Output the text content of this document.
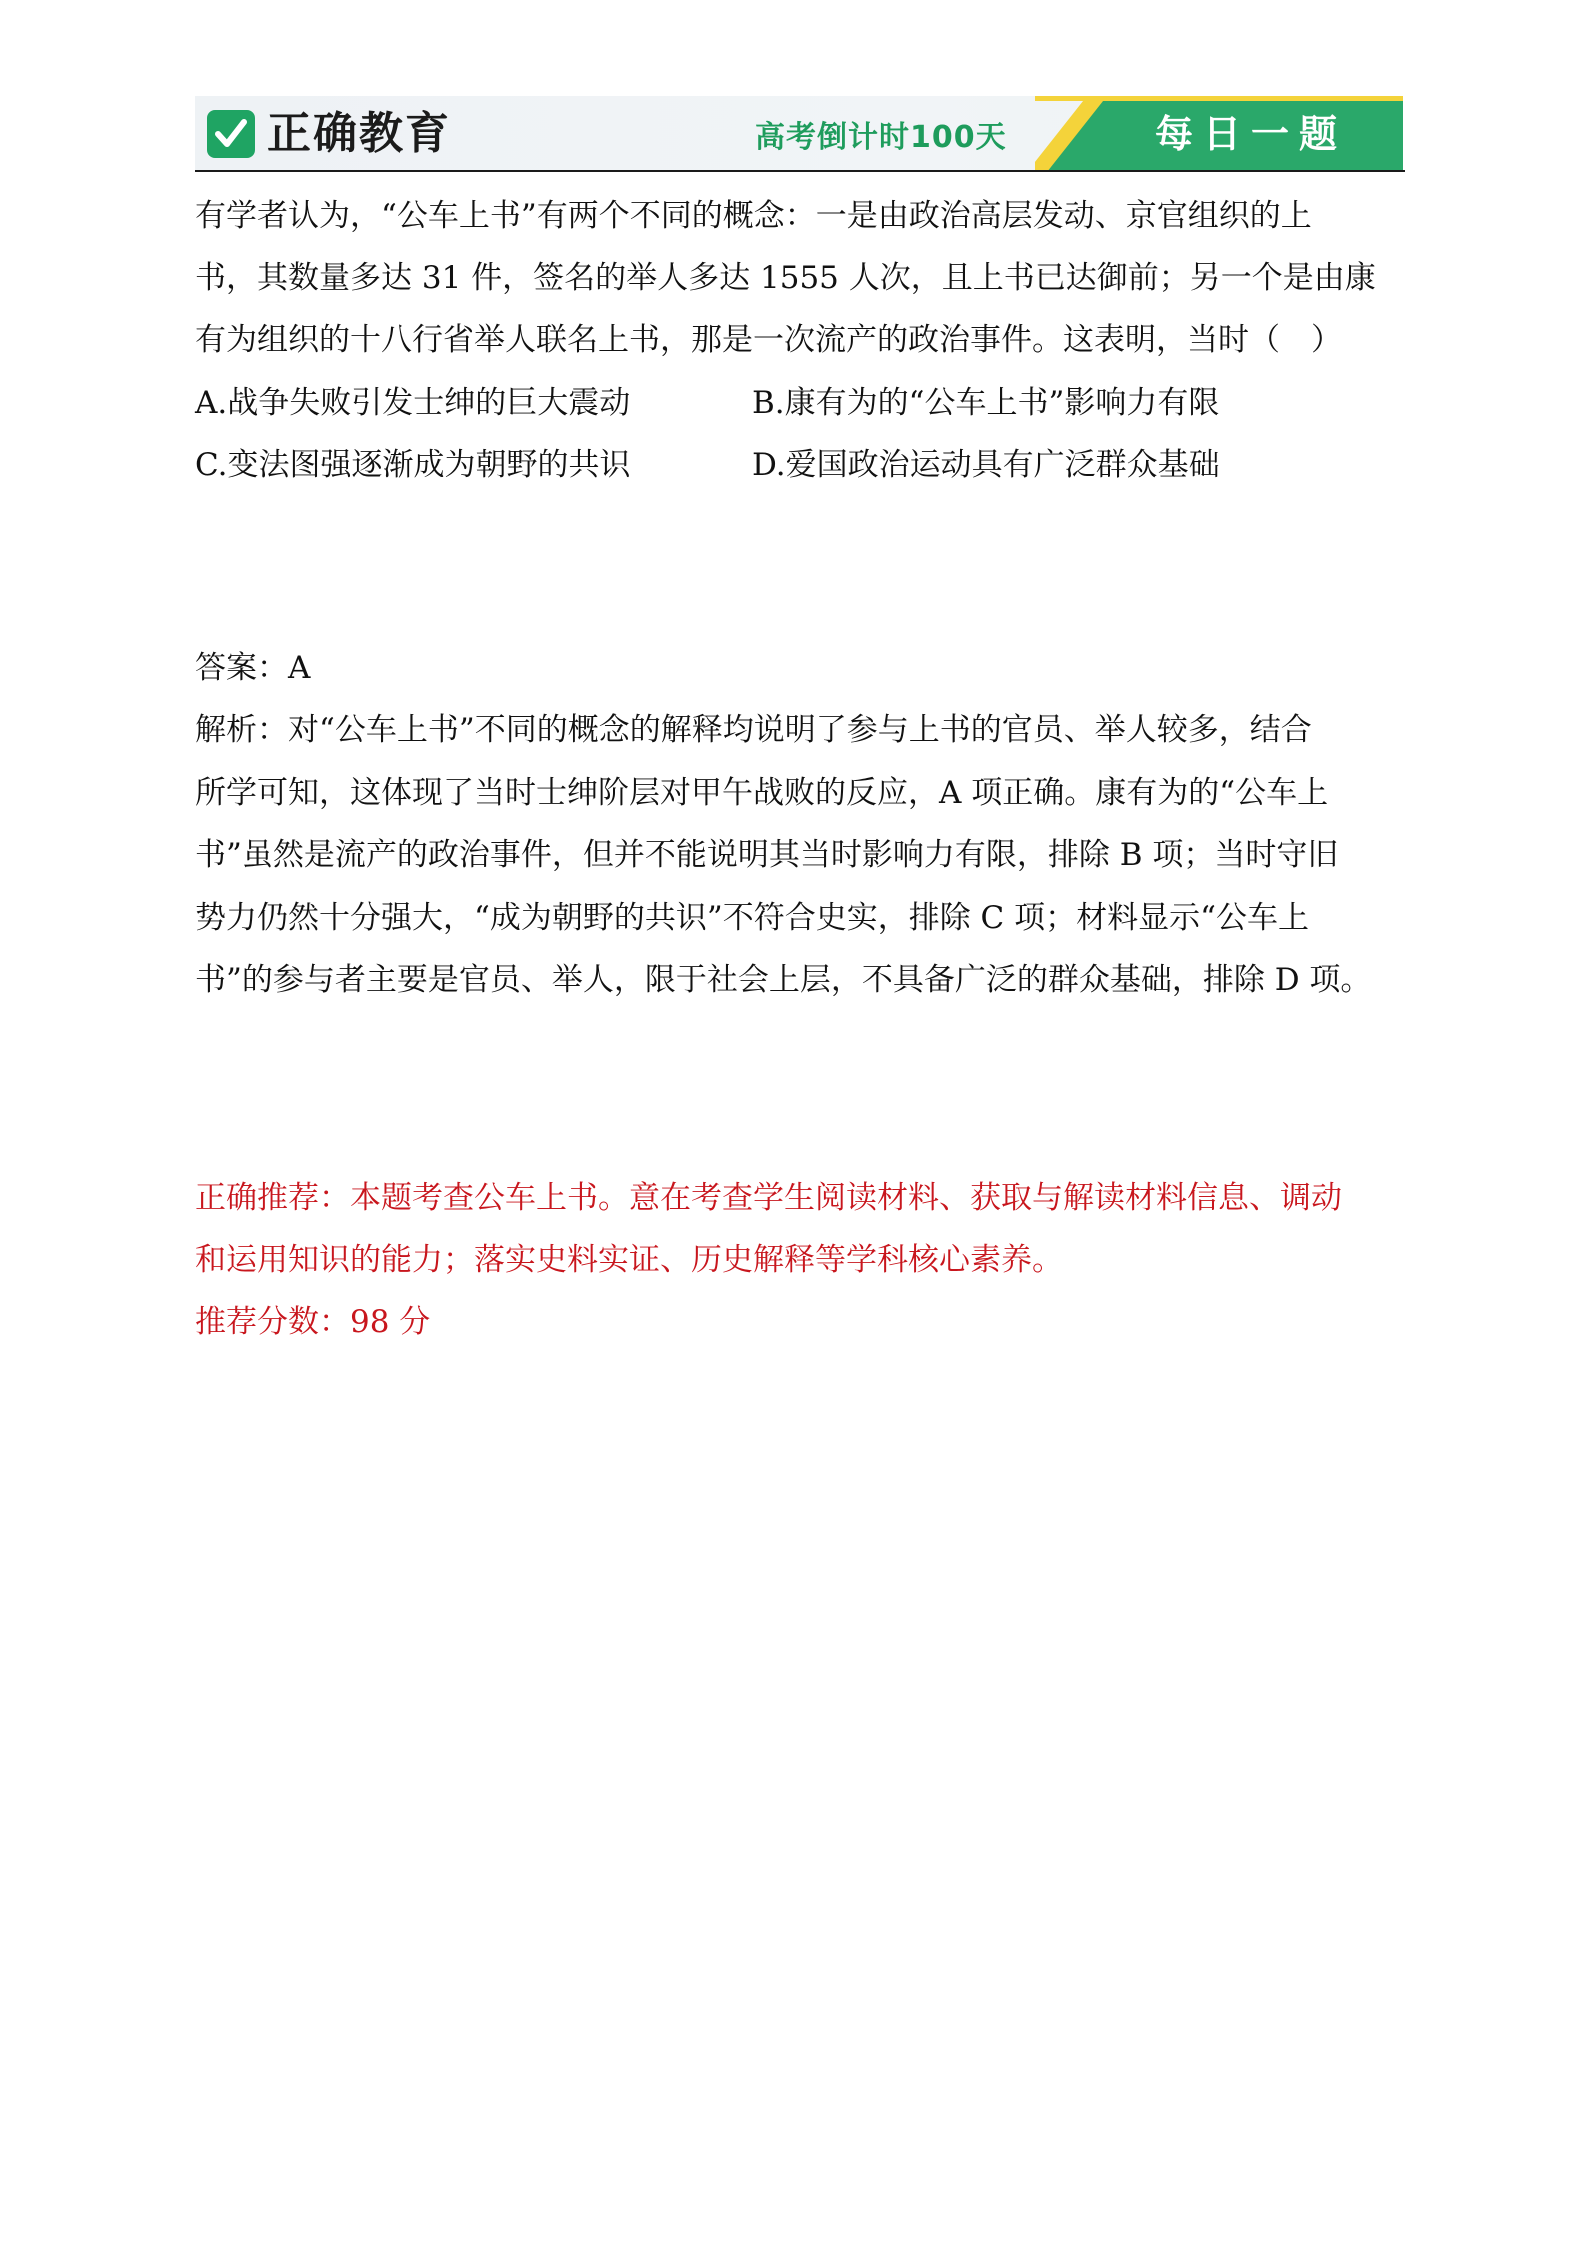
正确教育	高考倒计时100天	每日一题
有学者认为，“公车上书”有两个不同的概念：一是由政治高层发动、京官组织的上
书，其数量多达 31 件，签名的举人多达 1555 人次，且上书已达御前；另一个是由康
有为组织的十八行省举人联名上书，那是一次流产的政治事件。这表明，当时（　）
A.战争失败引发士绅的巨大震动	B.康有为的“公车上书”影响力有限
C.变法图强逐渐成为朝野的共识	D.爱国政治运动具有广泛群众基础
答案：A
解析：对“公车上书”不同的概念的解释均说明了参与上书的官员、举人较多，结合
所学可知，这体现了当时士绅阶层对甲午战败的反应，A 项正确。康有为的“公车上
书”虽然是流产的政治事件，但并不能说明其当时影响力有限，排除 B 项；当时守旧
势力仍然十分强大，“成为朝野的共识”不符合史实，排除 C 项；材料显示“公车上
书”的参与者主要是官员、举人，限于社会上层，不具备广泛的群众基础，排除 D 项。
正确推荐：本题考查公车上书。意在考查学生阅读材料、获取与解读材料信息、调动
和运用知识的能力；落实史料实证、历史解释等学科核心素养。
推荐分数：98 分
